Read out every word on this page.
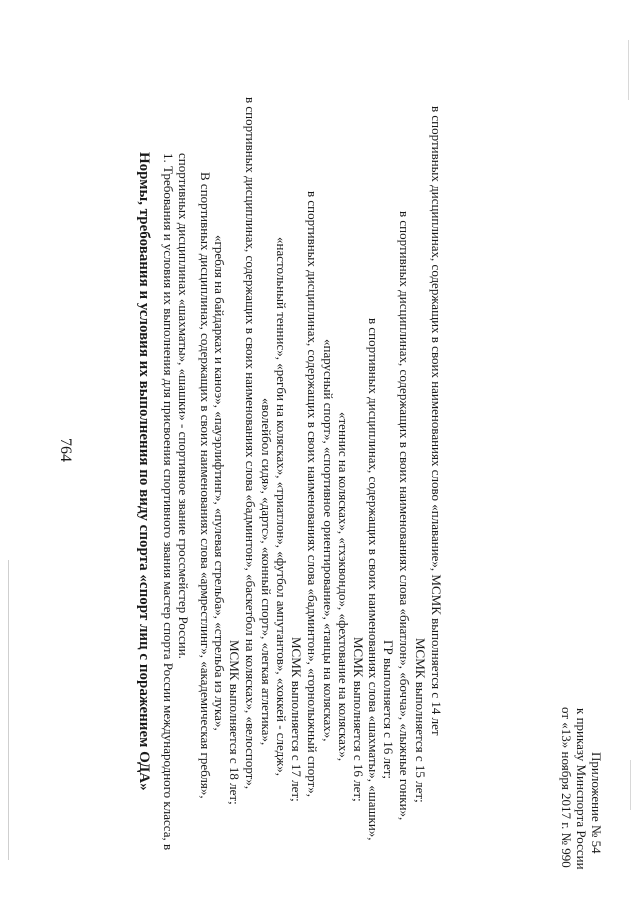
Приложение № 54
к приказу Минспорта России
от «13» ноября 2017 г. № 990
764	Нормы, требования и условия их выполнения по виду спорта «спорт лиц с поражением ОДА» 1. Требования и условия их выполнения для присвоения спортивного звания мастер спорта России международного класса, в спортивных дисциплинах «шахматы», «шашки» - спортивное звание гроссмейстер России. В спортивных дисциплинах, содержащих в своих наименованиях слова «армрестлинг», «академическая гребля», «гребля на байдарках и каноэ», «пауэрлифтинг», «пулевая стрельба», «стрельба из лука», МСМК выполняется с 18 лет; в спортивных дисциплинах, содержащих в своих наименованиях слова «бадминтон», «баскетбол на колясках», «велоспорт», «волейбол сидя», «дартс», «конный спорт», «легкая атлетика», «настольный теннис», «регби на колясках», «триатлон», «футбол ампутантов», «хоккей - следж», МСМК выполняется с 17 лет; в спортивных дисциплинах, содержащих в своих наименованиях слова «бадминтон», «горнолыжный спорт», «парусный спорт», «спортивное ориентирование», «танцы на колясках», «теннис на колясках», «тхэквондо», «фехтование на колясках», МСМК выполняется с 16 лет; в спортивных дисциплинах, содержащих в своих наименованиях слова «шахматы», «шашки», ГР выполняется с 16 лет; в спортивных дисциплинах, содержащих в своих наименованиях слова «биатлон», «бочча», «лыжные гонки», МСМК выполняется с 15 лет; в спортивных дисциплинах, содержащих в своих наименованиях слово «плавание», МСМК выполняется с 14 лет
